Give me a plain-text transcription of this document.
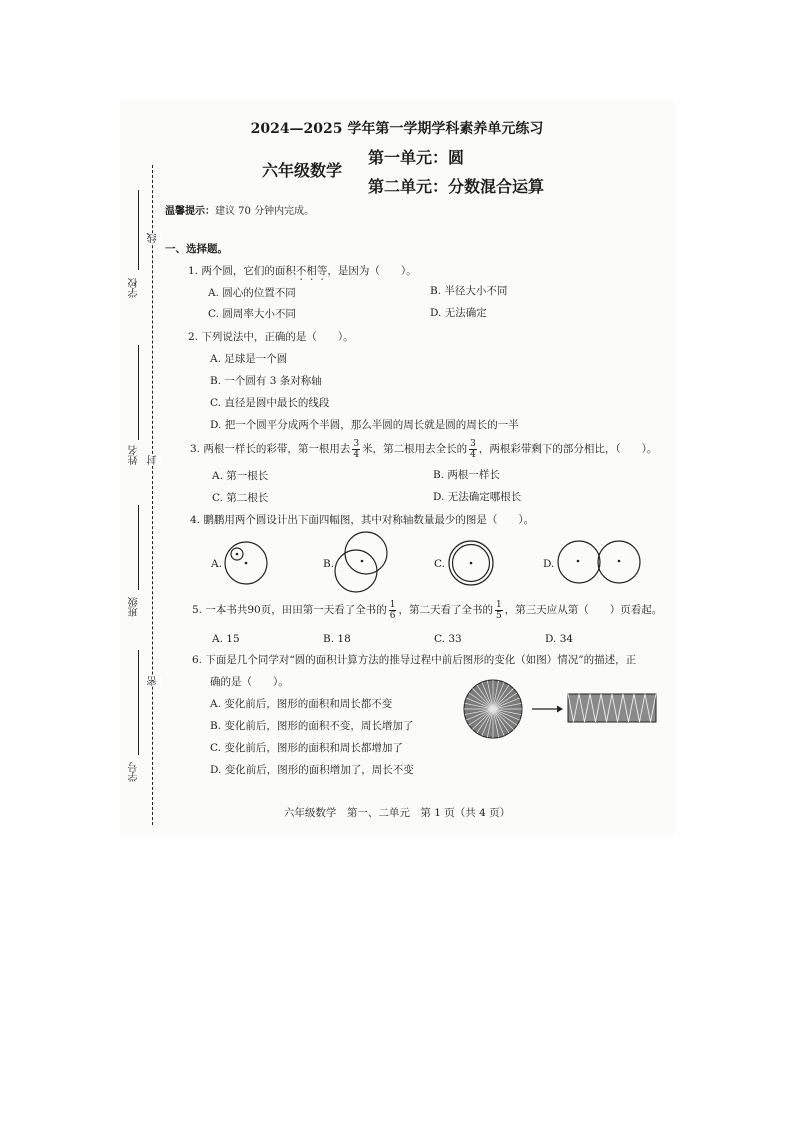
学校
姓名
班级
学号
线
封
密
2024—2025 学年第一学期学科素养单元练习
六年级数学
第一单元：圆
第二单元：分数混合运算
温馨提示：建议 70 分钟内完成。
一、选择题。
1. 两个圆，它们的面积不相等，是因为（　　）。
A. 圆心的位置不同	B. 半径大小不同
C. 圆周率大小不同	D. 无法确定
2. 下列说法中，正确的是（　　）。
A. 足球是一个圆
B. 一个圆有 3 条对称轴
C. 直径是圆中最长的线段
D. 把一个圆平分成两个半圆，那么半圆的周长就是圆的周长的一半
3. 两根一样长的彩带，第一根用去 $\frac{3}{4}$ 米，第二根用去全长的 $\frac{3}{4}$ ，两根彩带剩下的部分相比，（　　）。
A. 第一根长	B. 两根一样长
C. 第二根长	D. 无法确定哪根长
4. 鹏鹏用两个圆设计出下面四幅图，其中对称轴数量最少的图是（　　）。
A.	B.	C.	D.
5. 一本书共90页，田田第一天看了全书的 $\frac{1}{6}$ ，第二天看了全书的 $\frac{1}{5}$ ，第三天应从第（　　）页看起。
A. 15	B. 18	C. 33	D. 34
6. 下面是几个同学对“圆的面积计算方法的推导过程中前后图形的变化（如图）情况”的描述，正
确的是（　　）。
A. 变化前后，图形的面积和周长都不变
B. 变化前后，图形的面积不变，周长增加了
C. 变化前后，图形的面积和周长都增加了
D. 变化前后，图形的面积增加了，周长不变
六年级数学　第一、二单元　第 1 页（共 4 页）
